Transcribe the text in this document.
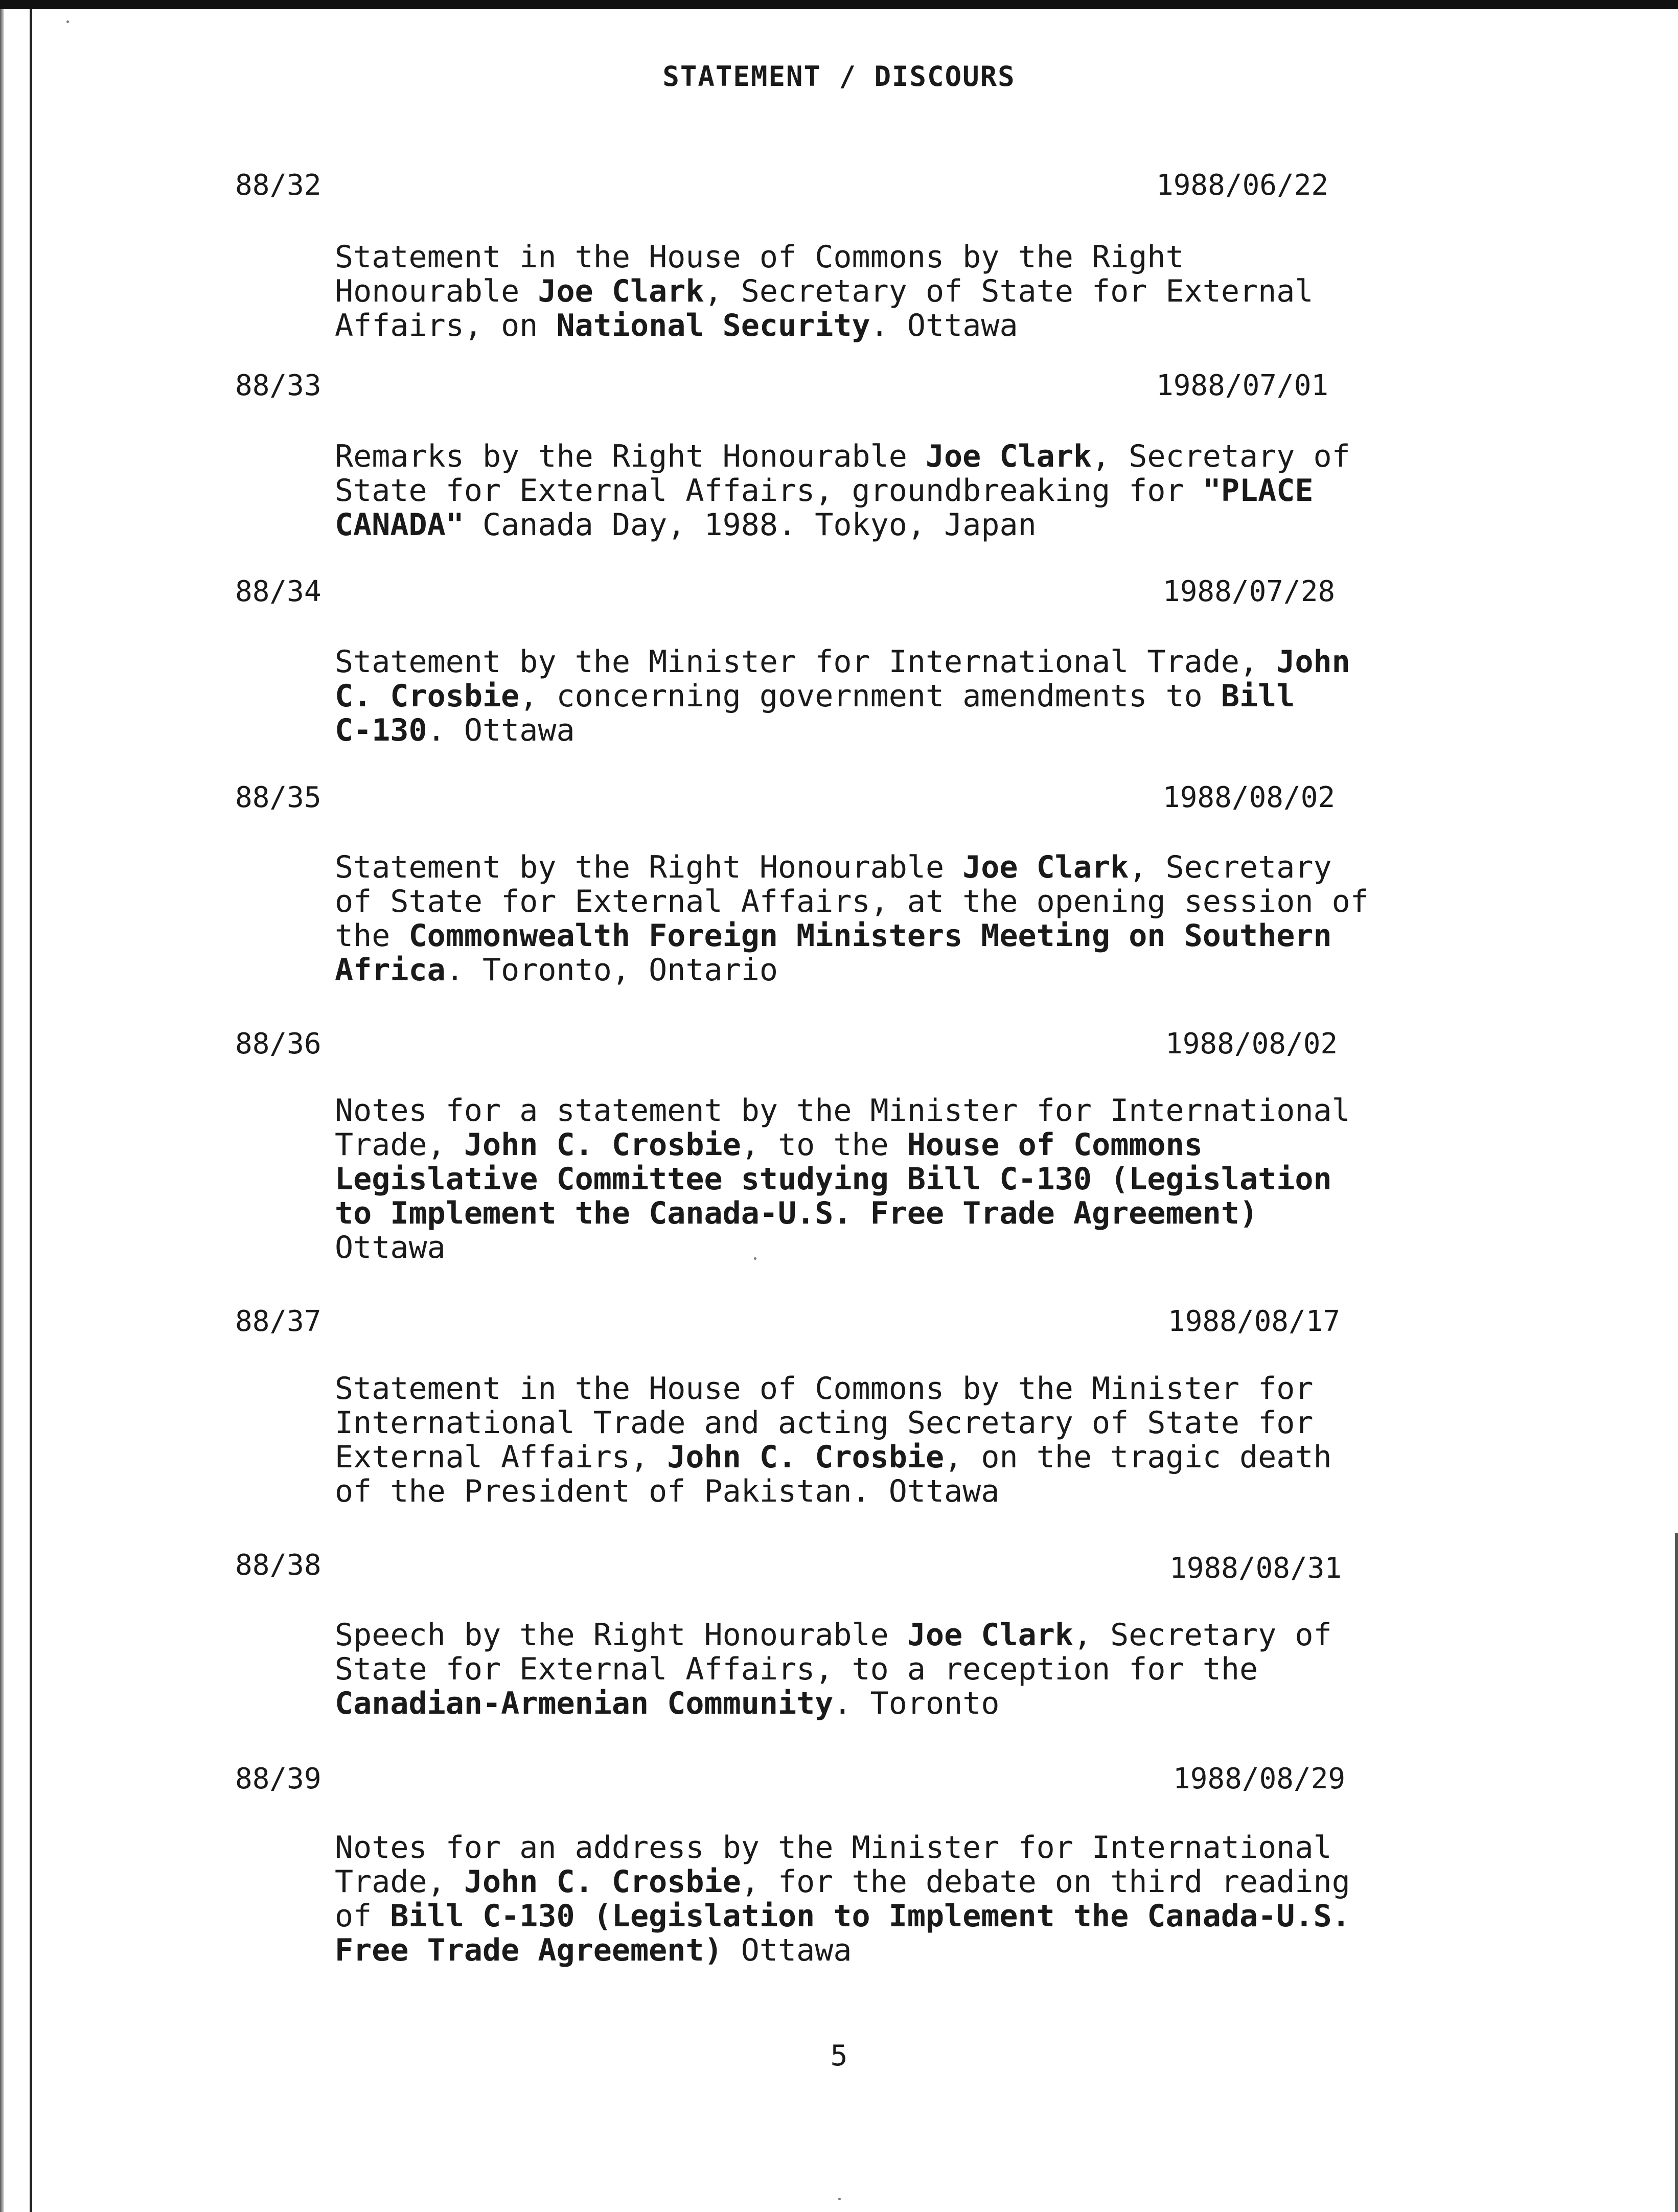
STATEMENT / DISCOURS
88/32	1988/06/22
Statement in the House of Commons by the Right
Honourable Joe Clark, Secretary of State for External
Affairs, on National Security. Ottawa
88/33	1988/07/01
Remarks by the Right Honourable Joe Clark, Secretary of
State for External Affairs, groundbreaking for "PLACE
CANADA" Canada Day, 1988. Tokyo, Japan
88/34	1988/07/28
Statement by the Minister for International Trade, John
C. Crosbie, concerning government amendments to Bill
C-130. Ottawa
88/35	1988/08/02
Statement by the Right Honourable Joe Clark, Secretary
of State for External Affairs, at the opening session of
the Commonwealth Foreign Ministers Meeting on Southern
Africa. Toronto, Ontario
88/36	1988/08/02
Notes for a statement by the Minister for International
Trade, John C. Crosbie, to the House of Commons
Legislative Committee studying Bill C-130 (Legislation
to Implement the Canada-U.S. Free Trade Agreement)
Ottawa
88/37	1988/08/17
Statement in the House of Commons by the Minister for
International Trade and acting Secretary of State for
External Affairs, John C. Crosbie, on the tragic death
of the President of Pakistan. Ottawa
88/38	1988/08/31
Speech by the Right Honourable Joe Clark, Secretary of
State for External Affairs, to a reception for the
Canadian-Armenian Community. Toronto
88/39	1988/08/29
Notes for an address by the Minister for International
Trade, John C. Crosbie, for the debate on third reading
of Bill C-130 (Legislation to Implement the Canada-U.S.
Free Trade Agreement) Ottawa
5
